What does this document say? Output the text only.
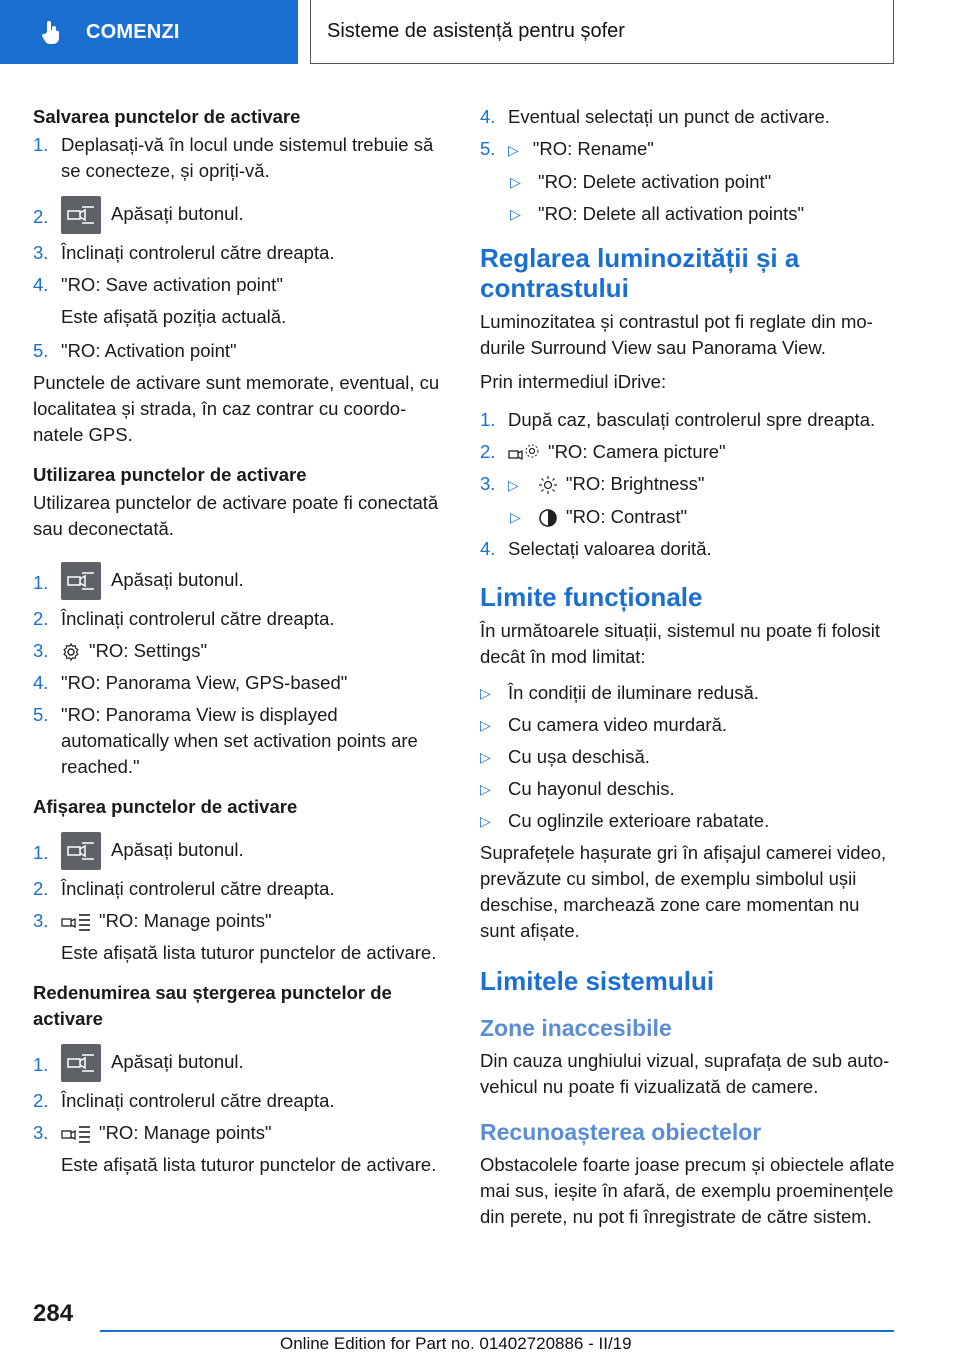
COMENZI	Sisteme de asistență pentru șofer
Salvarea punctelor de activare
1. Deplasați-vă în locul unde sistemul trebuie să se conecteze, și opriți-vă.
2.	Apăsați butonul.
3. Înclinați controlerul către dreapta.
4. "RO: Save activation point"
Este afișată poziția actuală.
5. "RO: Activation point"
Punctele de activare sunt memorate, eventual, cu localitatea și strada, în caz contrar cu coordonatele GPS.
Utilizarea punctelor de activare
Utilizarea punctelor de activare poate fi conectată sau deconectată.
1.	Apăsați butonul.
2. Înclinați controlerul către dreapta.
3. "RO: Settings"
4. "RO: Panorama View, GPS-based"
5. "RO: Panorama View is displayed automatically when set activation points are reached."
Afișarea punctelor de activare
1.	Apăsați butonul.
2. Înclinați controlerul către dreapta.
3.	"RO: Manage points"
Este afișată lista tuturor punctelor de activare.
Redenumirea sau ștergerea punctelor de activare
1.	Apăsați butonul.
2. Înclinați controlerul către dreapta.
3.	"RO: Manage points"
Este afișată lista tuturor punctelor de activare.
4. Eventual selectați un punct de activare.
5. ▷ "RO: Rename"
▷ "RO: Delete activation point"
▷ "RO: Delete all activation points"
Reglarea luminozității și a contrastului
Luminozitatea și contrastul pot fi reglate din modurile Surround View sau Panorama View.
Prin intermediul iDrive:
1. După caz, basculați controlerul spre dreapta.
2.	"RO: Camera picture"
3. ▷	"RO: Brightness"
▷ "RO: Contrast"
4. Selectați valoarea dorită.
Limite funcționale
În următoarele situații, sistemul nu poate fi folosit decât în mod limitat:
▷ În condiții de iluminare redusă.
▷ Cu camera video murdară.
▷ Cu ușa deschisă.
▷ Cu hayonul deschis.
▷ Cu oglinzile exterioare rabatate.
Suprafețele hașurate gri în afișajul camerei video, prevăzute cu simbol, de exemplu simbolul ușii deschise, marchează zone care momentan nu sunt afișate.
Limitele sistemului
Zone inaccesibile
Din cauza unghiului vizual, suprafața de sub autovehicul nu poate fi vizualizată de camere.
Recunoașterea obiectelor
Obstacolele foarte joase precum și obiectele aflate mai sus, ieșite în afară, de exemplu proeminențele din perete, nu pot fi înregistrate de către sistem.
284
Online Edition for Part no. 01402720886 - II/19
